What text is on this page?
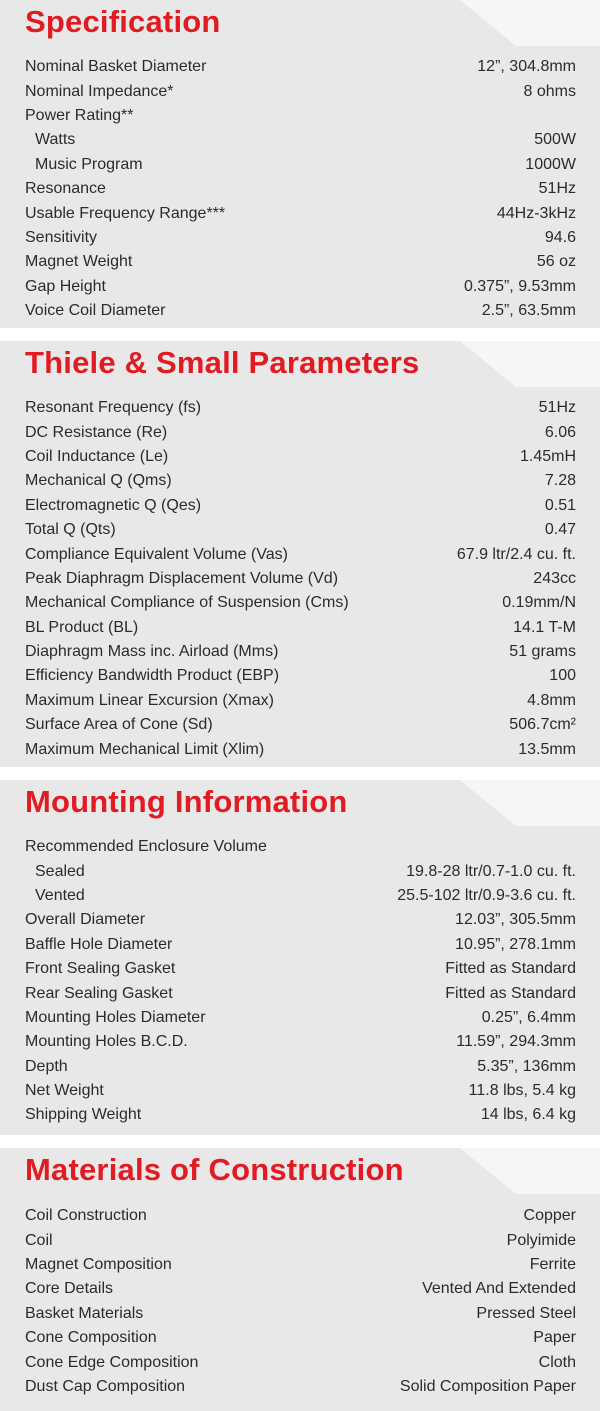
Specification
Nominal Basket Diameter	12”, 304.8mm
Nominal Impedance*	8 ohms
Power Rating**
Watts	500W
Music Program	1000W
Resonance	51Hz
Usable Frequency Range***	44Hz-3kHz
Sensitivity	94.6
Magnet Weight	56 oz
Gap Height	0.375”, 9.53mm
Voice Coil Diameter	2.5”, 63.5mm
Thiele & Small Parameters
Resonant Frequency (fs)	51Hz
DC Resistance (Re)	6.06
Coil Inductance (Le)	1.45mH
Mechanical Q (Qms)	7.28
Electromagnetic Q (Qes)	0.51
Total Q (Qts)	0.47
Compliance Equivalent Volume (Vas)	67.9 ltr/2.4 cu. ft.
Peak Diaphragm Displacement Volume (Vd)	243cc
Mechanical Compliance of Suspension (Cms)	0.19mm/N
BL Product (BL)	14.1 T-M
Diaphragm Mass inc. Airload (Mms)	51 grams
Efficiency Bandwidth Product (EBP)	100
Maximum Linear Excursion (Xmax)	4.8mm
Surface Area of Cone (Sd)	506.7cm²
Maximum Mechanical Limit (Xlim)	13.5mm
Mounting Information
Recommended Enclosure Volume
Sealed	19.8-28 ltr/0.7-1.0 cu. ft.
Vented	25.5-102 ltr/0.9-3.6 cu. ft.
Overall Diameter	12.03”, 305.5mm
Baffle Hole Diameter	10.95”, 278.1mm
Front Sealing Gasket	Fitted as Standard
Rear Sealing Gasket	Fitted as Standard
Mounting Holes Diameter	0.25”, 6.4mm
Mounting Holes B.C.D.	11.59”, 294.3mm
Depth	5.35”, 136mm
Net Weight	11.8 lbs, 5.4 kg
Shipping Weight	14 lbs, 6.4 kg
Materials of Construction
Coil Construction	Copper
Coil	Polyimide
Magnet Composition	Ferrite
Core Details	Vented And Extended
Basket Materials	Pressed Steel
Cone Composition	Paper
Cone Edge Composition	Cloth
Dust Cap Composition	Solid Composition Paper
